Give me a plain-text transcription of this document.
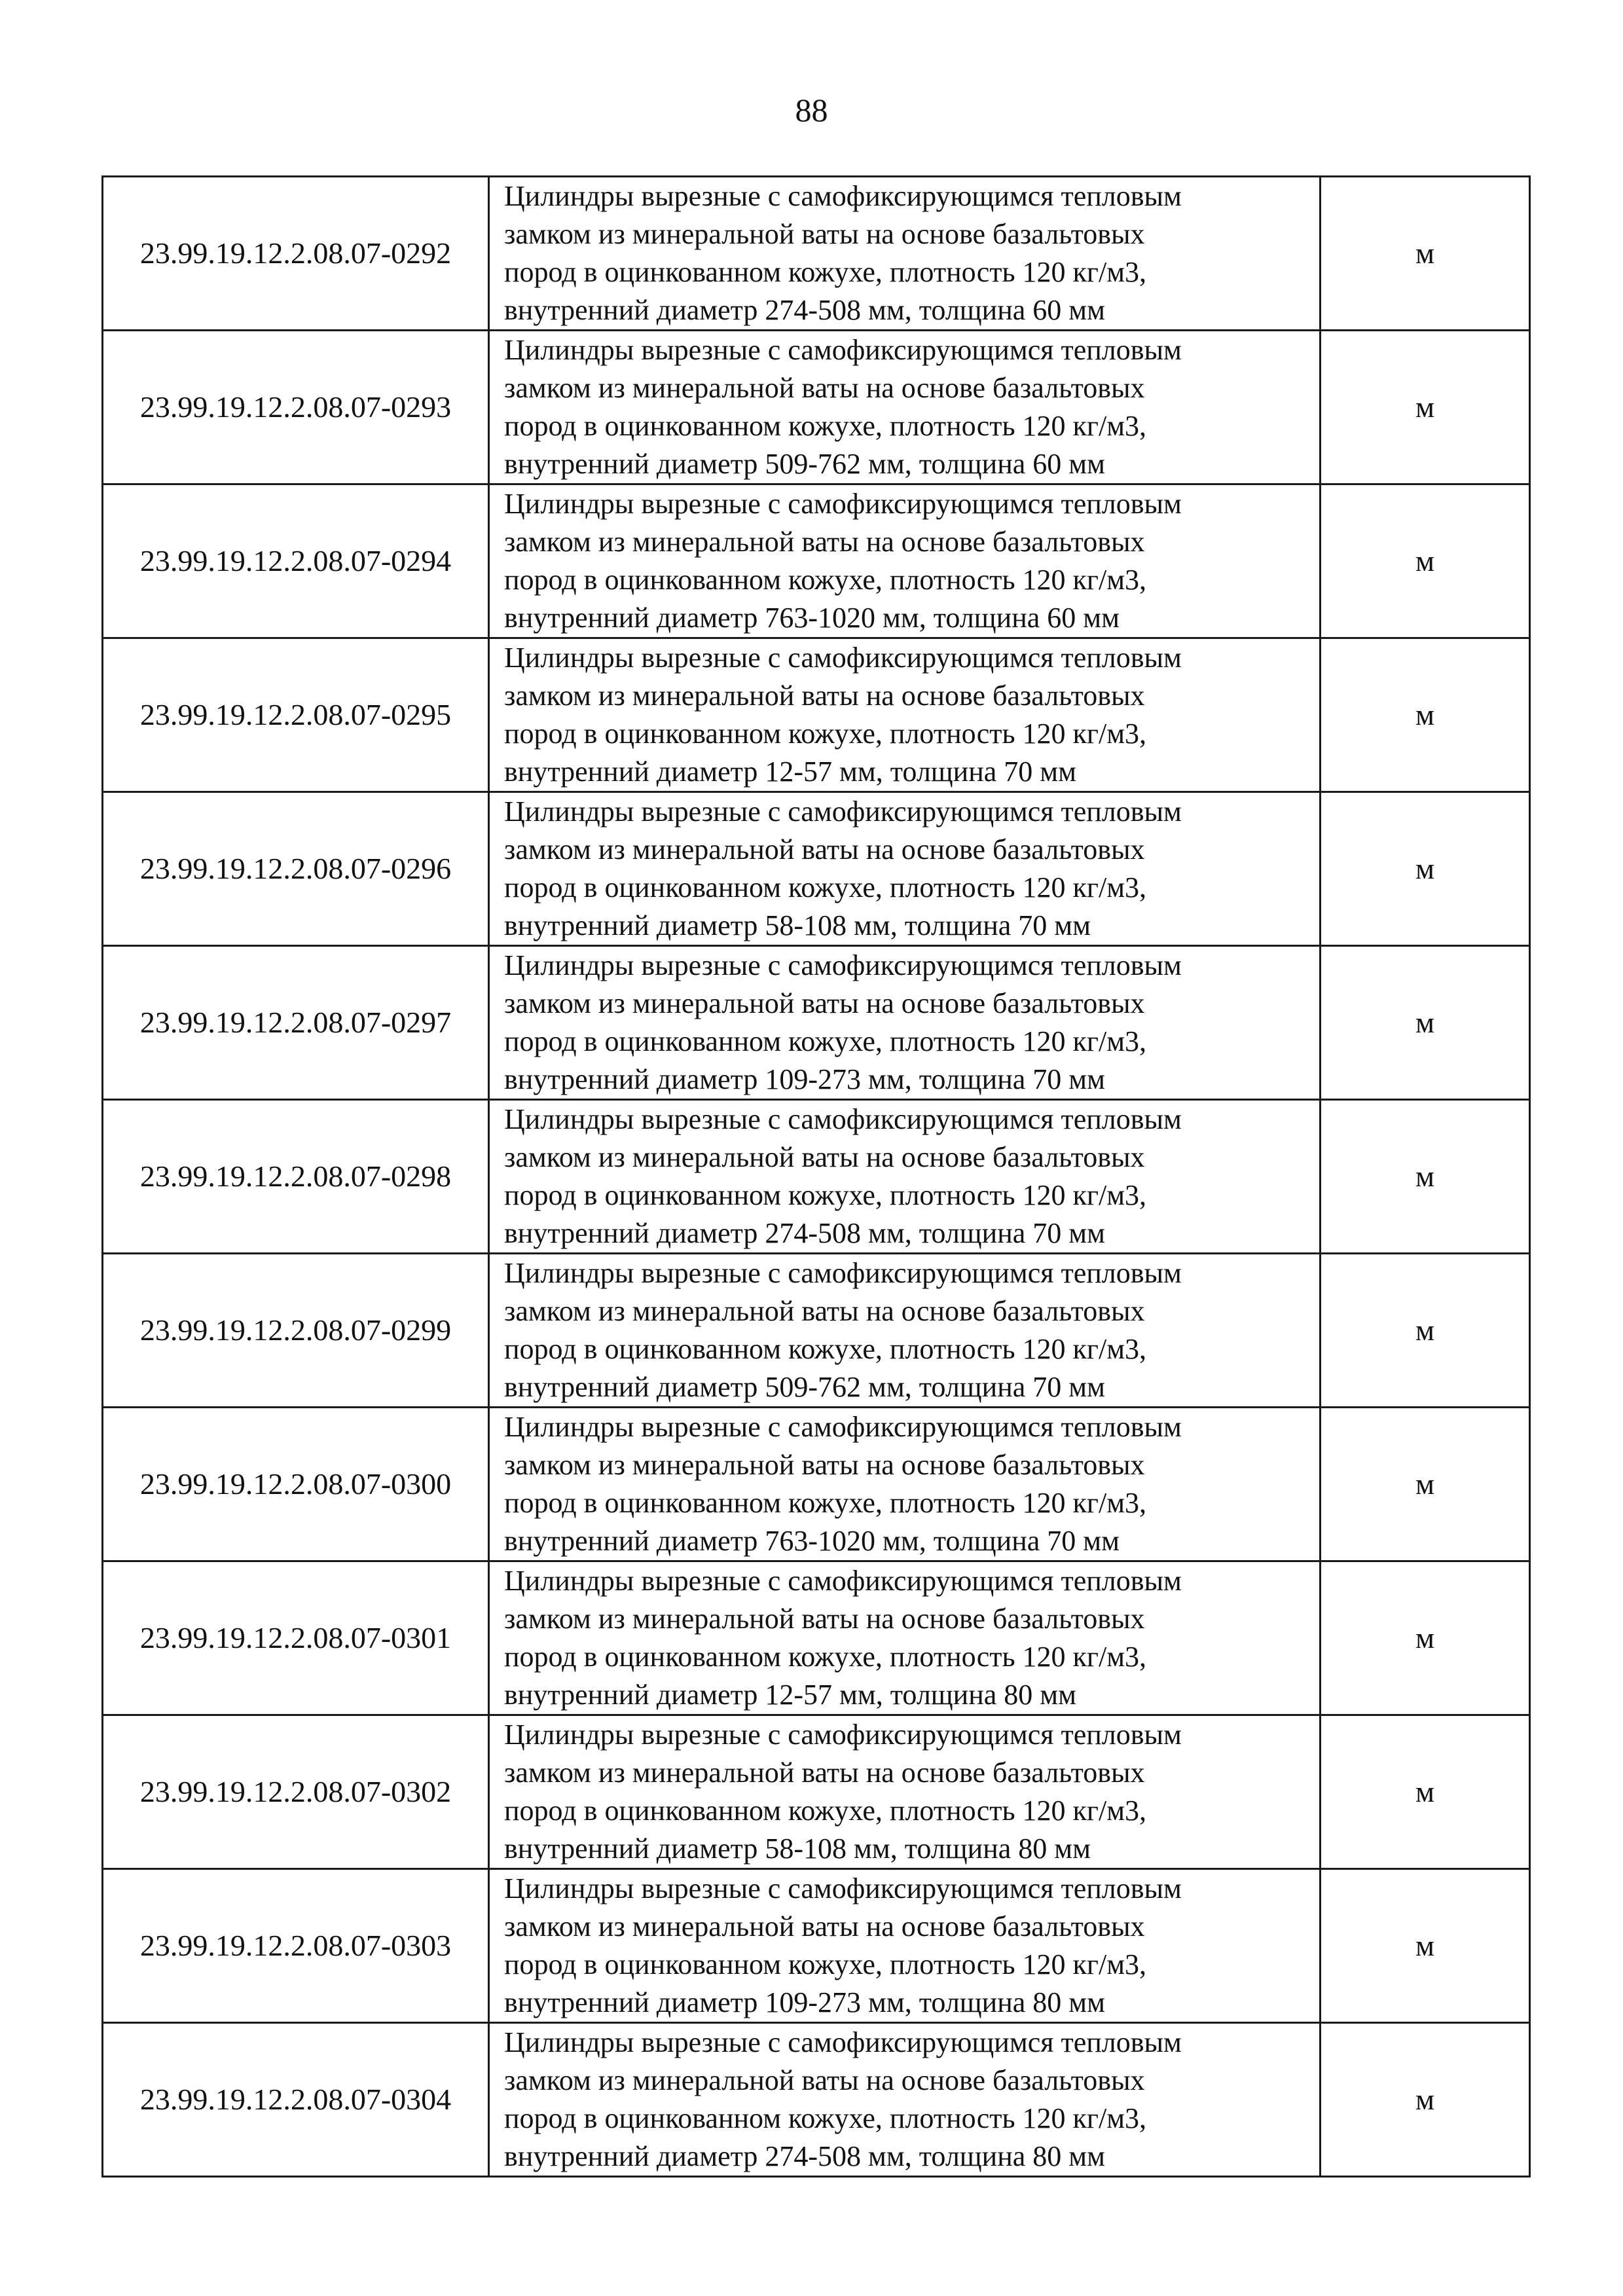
88
23.99.19.12.2.08.07-0292	Цилиндры вырезные с самофиксирующимся тепловым
замком из минеральной ваты на основе базальтовых
пород в оцинкованном кожухе, плотность 120 кг/м3,
внутренний диаметр 274-508 мм, толщина 60 мм	м
23.99.19.12.2.08.07-0293	Цилиндры вырезные с самофиксирующимся тепловым
замком из минеральной ваты на основе базальтовых
пород в оцинкованном кожухе, плотность 120 кг/м3,
внутренний диаметр 509-762 мм, толщина 60 мм	м
23.99.19.12.2.08.07-0294	Цилиндры вырезные с самофиксирующимся тепловым
замком из минеральной ваты на основе базальтовых
пород в оцинкованном кожухе, плотность 120 кг/м3,
внутренний диаметр 763-1020 мм, толщина 60 мм	м
23.99.19.12.2.08.07-0295	Цилиндры вырезные с самофиксирующимся тепловым
замком из минеральной ваты на основе базальтовых
пород в оцинкованном кожухе, плотность 120 кг/м3,
внутренний диаметр 12-57 мм, толщина 70 мм	м
23.99.19.12.2.08.07-0296	Цилиндры вырезные с самофиксирующимся тепловым
замком из минеральной ваты на основе базальтовых
пород в оцинкованном кожухе, плотность 120 кг/м3,
внутренний диаметр 58-108 мм, толщина 70 мм	м
23.99.19.12.2.08.07-0297	Цилиндры вырезные с самофиксирующимся тепловым
замком из минеральной ваты на основе базальтовых
пород в оцинкованном кожухе, плотность 120 кг/м3,
внутренний диаметр 109-273 мм, толщина 70 мм	м
23.99.19.12.2.08.07-0298	Цилиндры вырезные с самофиксирующимся тепловым
замком из минеральной ваты на основе базальтовых
пород в оцинкованном кожухе, плотность 120 кг/м3,
внутренний диаметр 274-508 мм, толщина 70 мм	м
23.99.19.12.2.08.07-0299	Цилиндры вырезные с самофиксирующимся тепловым
замком из минеральной ваты на основе базальтовых
пород в оцинкованном кожухе, плотность 120 кг/м3,
внутренний диаметр 509-762 мм, толщина 70 мм	м
23.99.19.12.2.08.07-0300	Цилиндры вырезные с самофиксирующимся тепловым
замком из минеральной ваты на основе базальтовых
пород в оцинкованном кожухе, плотность 120 кг/м3,
внутренний диаметр 763-1020 мм, толщина 70 мм	м
23.99.19.12.2.08.07-0301	Цилиндры вырезные с самофиксирующимся тепловым
замком из минеральной ваты на основе базальтовых
пород в оцинкованном кожухе, плотность 120 кг/м3,
внутренний диаметр 12-57 мм, толщина 80 мм	м
23.99.19.12.2.08.07-0302	Цилиндры вырезные с самофиксирующимся тепловым
замком из минеральной ваты на основе базальтовых
пород в оцинкованном кожухе, плотность 120 кг/м3,
внутренний диаметр 58-108 мм, толщина 80 мм	м
23.99.19.12.2.08.07-0303	Цилиндры вырезные с самофиксирующимся тепловым
замком из минеральной ваты на основе базальтовых
пород в оцинкованном кожухе, плотность 120 кг/м3,
внутренний диаметр 109-273 мм, толщина 80 мм	м
23.99.19.12.2.08.07-0304	Цилиндры вырезные с самофиксирующимся тепловым
замком из минеральной ваты на основе базальтовых
пород в оцинкованном кожухе, плотность 120 кг/м3,
внутренний диаметр 274-508 мм, толщина 80 мм	м
